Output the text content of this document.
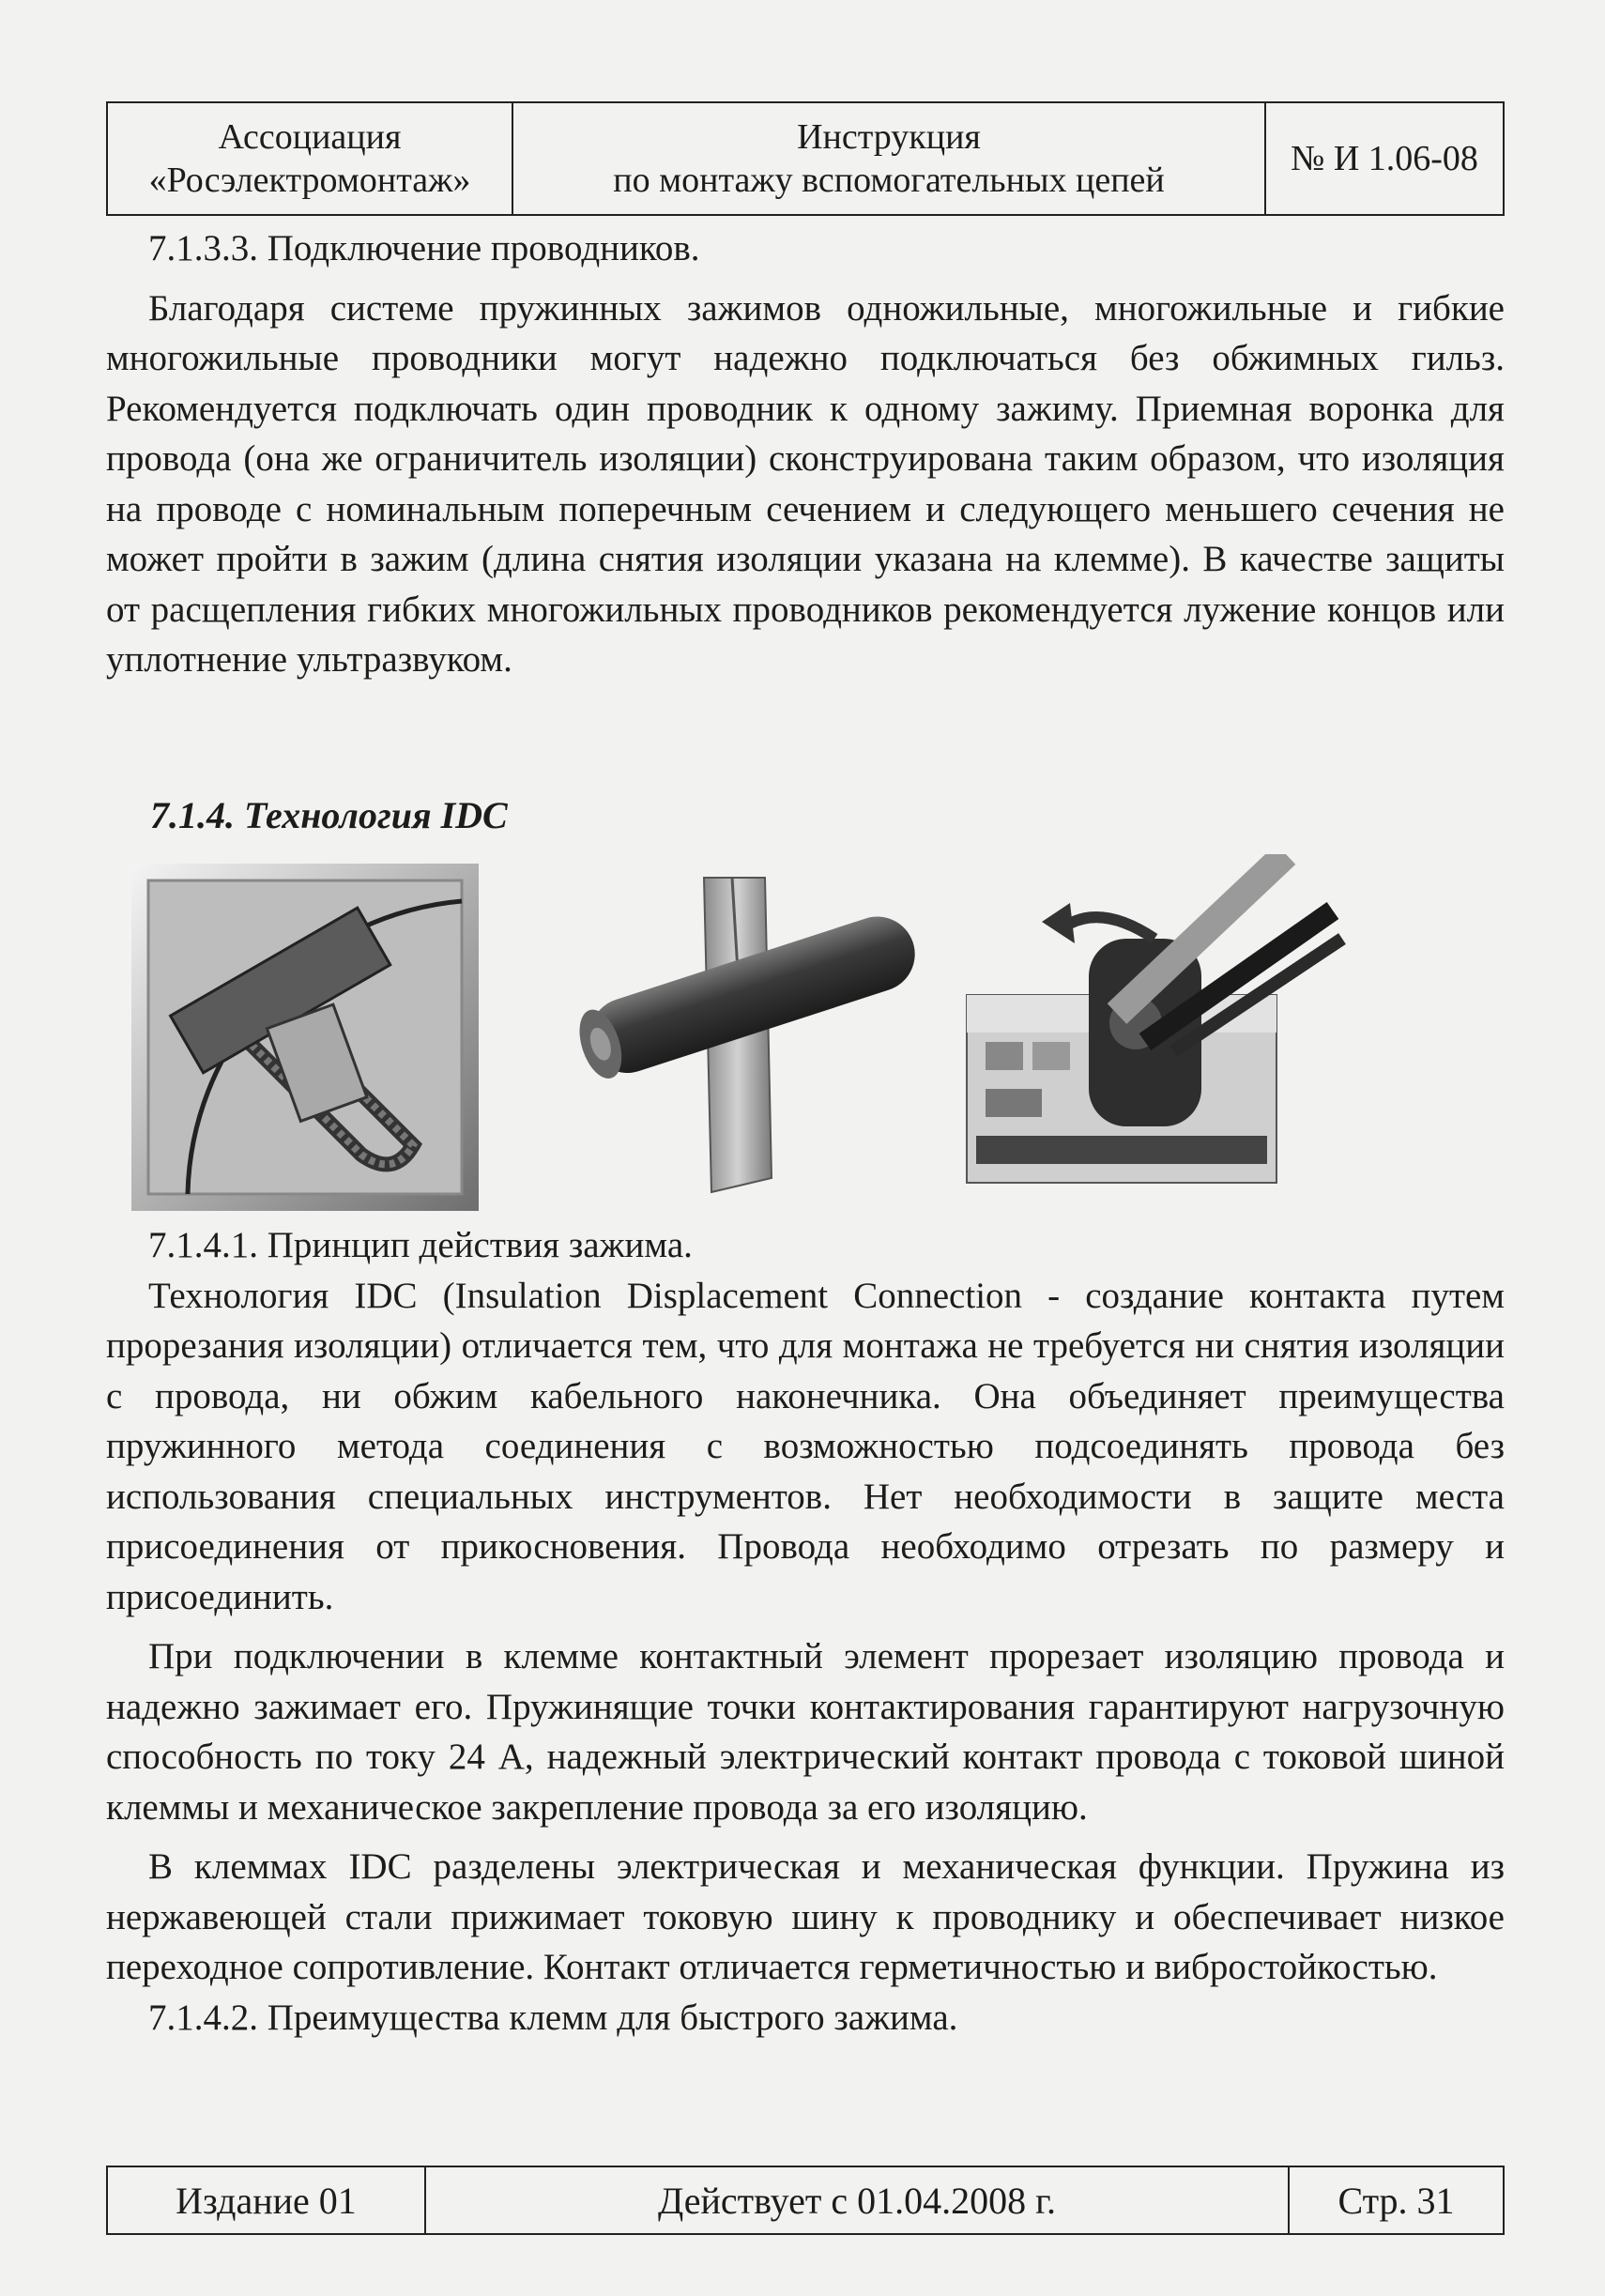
Ассоциация
«Росэлектромонтаж»

Инструкция
по монтажу вспомогательных цепей
	№ И 1.06-08

7.1.3.3. Подключение проводников.

Благодаря системе пружинных зажимов одножильные, многожильные и гибкие многожильные проводники могут надежно подключаться без обжимных гильз. Рекомендуется подключать один проводник к одному зажиму. Приемная воронка для провода (она же ограничитель изоляции) сконструирована таким образом, что изоляция на проводе с номинальным поперечным сечением и следующего меньшего сечения не может пройти в зажим (длина снятия изоляции указана на клемме). В качестве защиты от расщепления гибких многожильных проводников рекомендуется лужение концов или уплотнение ультразвуком.

7.1.4. Технология IDC

7.1.4.1. Принцип действия зажима.

Технология IDC (Insulation Displacement Connection - создание контакта путем прорезания изоляции) отличается тем, что для монтажа не требуется ни снятия изоляции с провода, ни обжим кабельного наконечника. Она объединяет преимущества пружинного метода соединения с возможностью подсоединять провода без использования специальных инструментов. Нет необходимости в защите места присоединения от прикосновения. Провода необходимо отрезать по размеру и присоединить.

При подключении в клемме контактный элемент прорезает изоляцию провода и надежно зажимает его. Пружинящие точки контактирования гарантируют нагрузочную способность по току 24 А, надежный электрический контакт провода с токовой шиной клеммы и механическое закрепление провода за его изоляцию.

В клеммах IDC разделены электрическая и механическая функции. Пружина из нержавеющей стали прижимает токовую шину к проводнику и обеспечивает низкое переходное сопротивление. Контакт отличается герметичностью и вибростойкостью.

7.1.4.2. Преимущества клемм для быстрого зажима.

Издание 01	Действует с 01.04.2008 г.	Стр. 31
